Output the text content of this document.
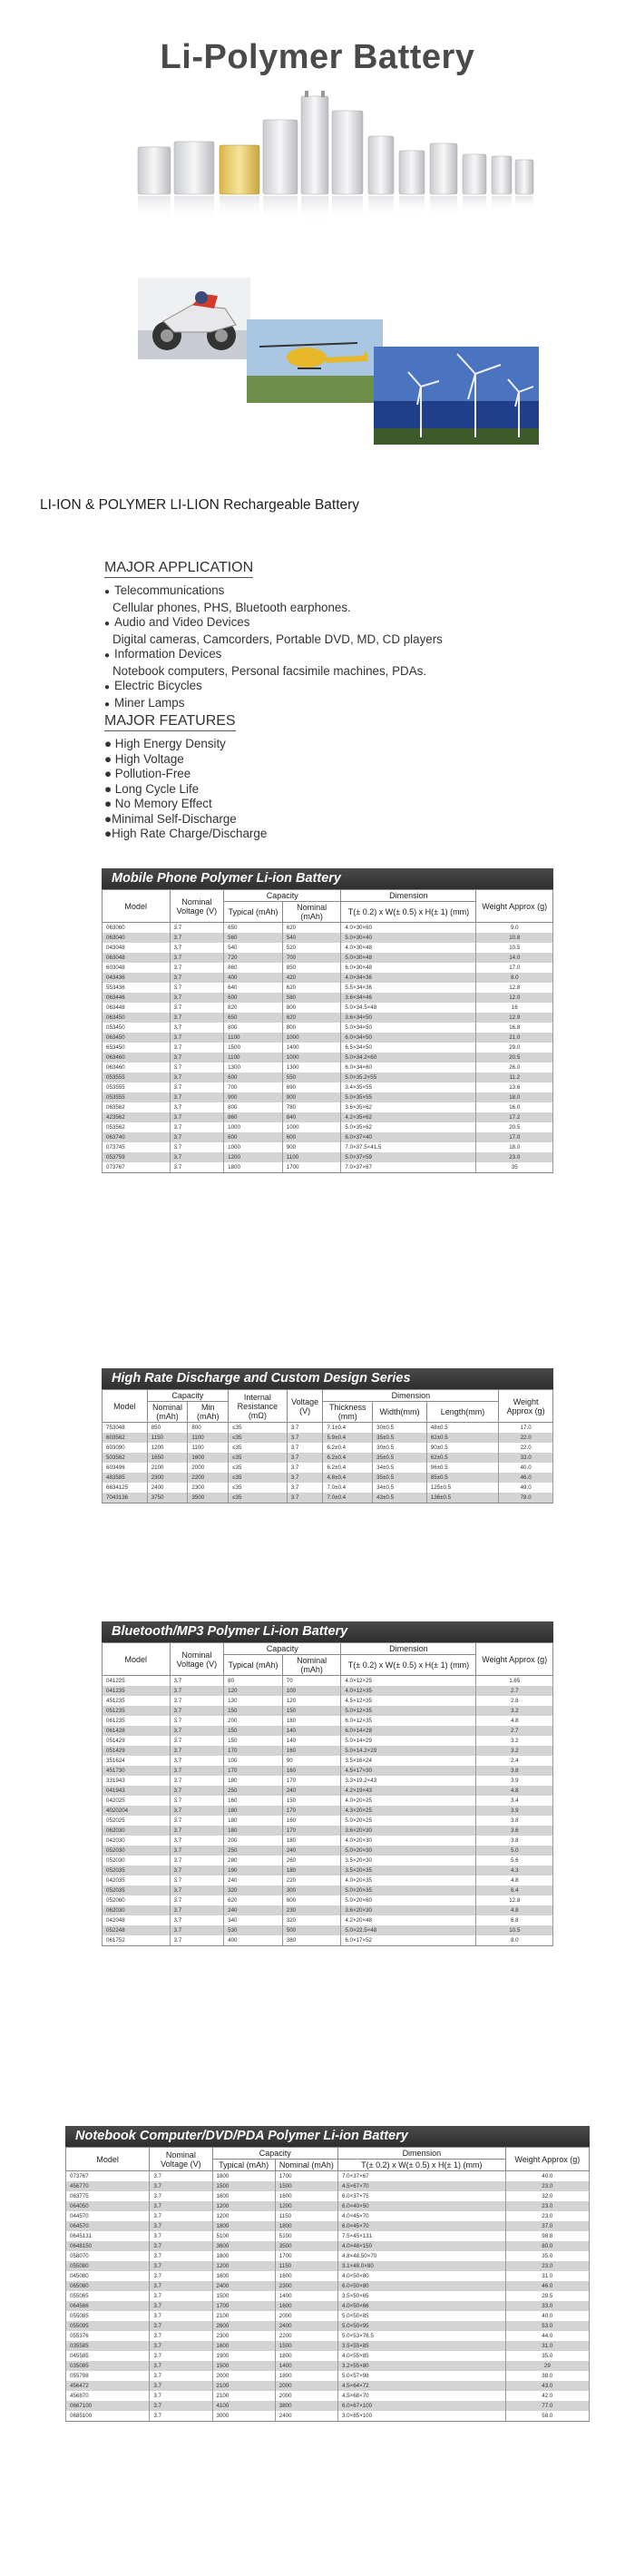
Li-Polymer Battery
LI-ION & POLYMER LI-LION Rechargeable Battery
MAJOR APPLICATION
● Telecommunications
Cellular phones, PHS, Bluetooth earphones.
● Audio and Video Devices
Digital cameras, Camcorders, Portable DVD, MD, CD players
● Information Devices
Notebook computers, Personal facsimile machines, PDAs.
● Electric Bicycles
● Miner Lamps
MAJOR FEATURES
● High Energy Density
● High Voltage
● Pollution-Free
● Long Cycle Life
● No Memory Effect
●Minimal Self-Discharge
●High Rate Charge/Discharge
Mobile Phone Polymer Li-ion Battery
Model	Nominal Voltage (V)	Capacity		Dimension	Weight Approx (g)
		Typical (mAh)	Nominal (mAh)	T(± 0.2) x W(± 0.5) x H(± 1) (mm)	
063060	3.7	650	620	4.0×30×60	9.0
063040	3.7	560	540	5.0×30×40	10.8
043048	3.7	540	520	4.0×30×48	10.5
063048	3.7	720	700	5.0×30×48	14.0
603048	3.7	860	850	6.0×30×48	17.0
043436	3.7	400	420	4.0×34×36	8.0
553436	3.7	640	620	5.5×34×36	12.8
063446	3.7	600	580	3.6×34×46	12.0
063448	3.7	820	800	5.0×34.5×48	16
063450	3.7	650	620	3.6×34×50	12.9
053450	3.7	800	800	5.0×34×50	16.8
063450	3.7	1100	1000	6.0×34×50	21.0
653450	3.7	1500	1400	6.5×34×50	29.0
063460	3.7	1100	1000	5.0×34.2×60	20.5
063460	3.7	1300	1300	6.0×34×60	26.0
053555	3.7	600	550	5.0×35.2×55	11.2
053555	3.7	700	690	3.4×35×55	13.6
053555	3.7	900	900	5.0×35×55	18.0
063562	3.7	800	780	3.6×35×62	16.0
423562	3.7	860	840	4.2×35×62	17.2
053562	3.7	1000	1000	5.0×35×62	20.5
063740	3.7	600	600	6.0×37×40	17.0
073745	3.7	1000	900	7.0×37.5×41.5	18.0
053759	3.7	1200	1100	5.0×37×59	23.0
073767	3.7	1800	1700	7.0×37×67	35
High Rate Discharge and Custom Design Series
Model	Capacity		Internal Resistance (mΩ)	Voltage (V)	Dimension			Weight Approx (g)
	Nominal (mAh)	Min (mAh)			Thickness (mm)	Width(mm)	Length(mm)	
753048	850	800	≤35	3.7	7.1±0.4	30±0.5	48±0.5	17.0
603562	1150	1100	≤35	3.7	5.9±0.4	35±0.5	62±0.5	22.0
603090	1200	1100	≤35	3.7	6.2±0.4	30±0.5	90±0.5	22.0
503562	1650	1600	≤35	3.7	6.2±0.4	35±0.5	62±0.5	33.0
603496	2100	2000	≤35	3.7	6.2±0.4	34±0.5	96±0.5	40.0
483585	2300	2200	≤35	3.7	4.8±0.4	35±0.5	85±0.5	46.0
6634125	2400	2300	≤35	3.7	7.0±0.4	34±0.5	125±0.5	49.0
7043136	3750	3500	≤35	3.7	7.0±0.4	43±0.5	136±0.5	78.0
Bluetooth/MP3 Polymer Li-ion Battery
Model	Nominal Voltage (V)	Capacity		Dimension	Weight Approx (g)
		Typical (mAh)	Nominal (mAh)	T(± 0.2) x W(± 0.5) x H(± 1) (mm)	
041225	3.7	80	70	4.0×12×25	1.65
041235	3.7	120	100	4.0×12×35	2.7
451235	3.7	130	120	4.5×12×35	2.8
051235	3.7	150	150	5.0×12×35	3.2
061235	3.7	200	180	6.0×12×35	4.8
061428	3.7	150	140	6.0×14×28	2.7
051429	3.7	150	140	5.0×14×29	3.2
051429	3.7	170	160	5.0×14.2×29	3.2
351624	3.7	100	90	3.5×16×24	2.4
451730	3.7	170	160	4.5×17×30	3.8
331943	3.7	180	170	3.3×19.2×43	3.9
041943	3.7	250	240	4.2×19×43	4.8
042025	3.7	160	150	4.0×20×25	3.4
4020204	3.7	180	170	4.3×20×25	3.9
052025	3.7	180	160	5.0×20×25	3.8
062030	3.7	180	170	3.6×20×30	3.6
042030	3.7	200	180	4.0×20×30	3.8
052030	3.7	250	240	5.0×20×30	5.0
052030	3.7	280	260	3.5×20×30	5.6
052035	3.7	190	180	3.5×20×35	4.3
042035	3.7	240	220	4.0×20×35	4.8
052035	3.7	320	300	5.0×20×35	6.4
052060	3.7	620	600	5.0×20×60	12.8
062030	3.7	240	230	3.6×20×30	4.8
042048	3.7	340	320	4.2×20×48	6.8
052248	3.7	530	500	5.0×22.5×48	10.5
061752	3.7	400	380	6.0×17×52	8.0
Notebook Computer/DVD/PDA Polymer Li-ion Battery
Model	Nominal Voltage (V)	Capacity		Dimension	Weight Approx (g)
		Typical (mAh)	Nominal (mAh)	T(± 0.2) x W(± 0.5) x H(± 1) (mm)	
073767	3.7	1800	1700	7.0×37×67	40.0
456770	3.7	1500	1500	4.5×67×70	23.0
063775	3.7	1600	1600	6.0×37×75	32.0
064050	3.7	1200	1200	6.0×40×50	23.0
044570	3.7	1200	1150	4.0×45×70	23.0
064570	3.7	1800	1800	6.0×45×70	37.0
0645131	3.7	5100	5100	7.5×45×131	98.8
0648150	3.7	3600	3500	4.0×48×150	80.0
058070	3.7	1800	1700	4.8×48.50×70	35.0
055080	3.7	1200	1150	3.1×48.0×80	23.0
045080	3.7	1600	1600	4.0×50×80	31.0
065080	3.7	2400	2300	6.0×50×80	46.0
055065	3.7	1500	1400	3.5×50×65	29.5
064566	3.7	1700	1600	4.0×50×66	33.0
055085	3.7	2100	2000	5.0×50×85	40.0
055095	3.7	2600	2400	5.0×50×95	53.0
055376	3.7	2300	2200	5.0×53×76.5	44.0
035585	3.7	1600	1500	3.5×55×85	31.0
045585	3.7	1900	1800	4.0×55×85	35.0
035085	3.7	1500	1400	3.2×55×80	29
055798	3.7	2000	1800	5.0×57×98	38.0
456472	3.7	2100	2000	4.5×64×72	43.0
456870	3.7	2100	2000	4.5×68×70	42.0
0667100	3.7	4100	3800	6.0×67×100	77.0
0685100	3.7	3000	2400	3.0×85×100	58.0
